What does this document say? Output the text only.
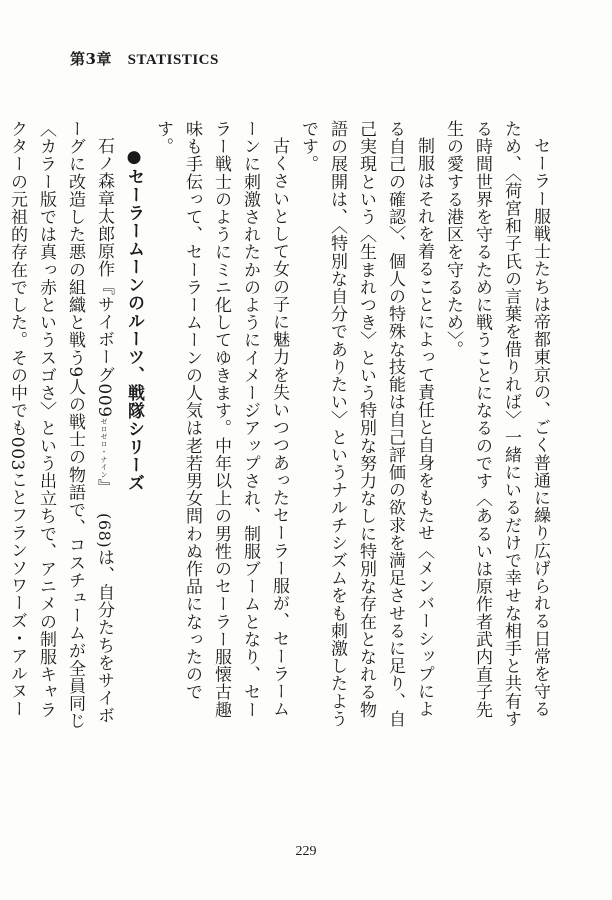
第3章 STATISTICS

セーラー服戦士たちは帝都東京の、ごく普通に繰り広げられる日常を守るため、〈荷宮和子氏の言葉を借りれば〉一緒にいるだけで幸せな相手と共有する時間世界を守るために戦うことになるのです〈あるいは原作者武内直子先生の愛する港区を守るため〉。

制服はそれを着ることによって責任と自身をもたせ〈メンバーシップによる自己の確認〉、個人の特殊な技能は自己評価の欲求を満足させるに足り、自己実現という〈生まれつき〉という特別な努力なしに特別な存在となれる物語の展開は、〈特別な自分でありたい〉というナルチシズムをも刺激したようです。

古くさいとして女の子に魅力を失いつつあったセーラー服が、セーラームーンに刺激されたかのようにイメージアップされ、制服ブームとなり、セーラー戦士のようにミニ化してゆきます。中年以上の男性のセーラー服懐古趣味も手伝って、セーラームーンの人気は老若男女問わぬ作品になったのです。

●セーラームーンのルーツ、戦隊シリーズ

石ノ森章太郎原作『サイボーグ009ゼロゼロ・ナイン』(68)は、自分たちをサイボーグに改造した悪の組織と戦う9人の戦士の物語で、コスチュームが全員同じ〈カラー版では真っ赤というスゴさ〉という出立ちで、アニメの制服キャラクターの元祖的存在でした。その中でも003ことフランソワーズ・アルヌー

229
